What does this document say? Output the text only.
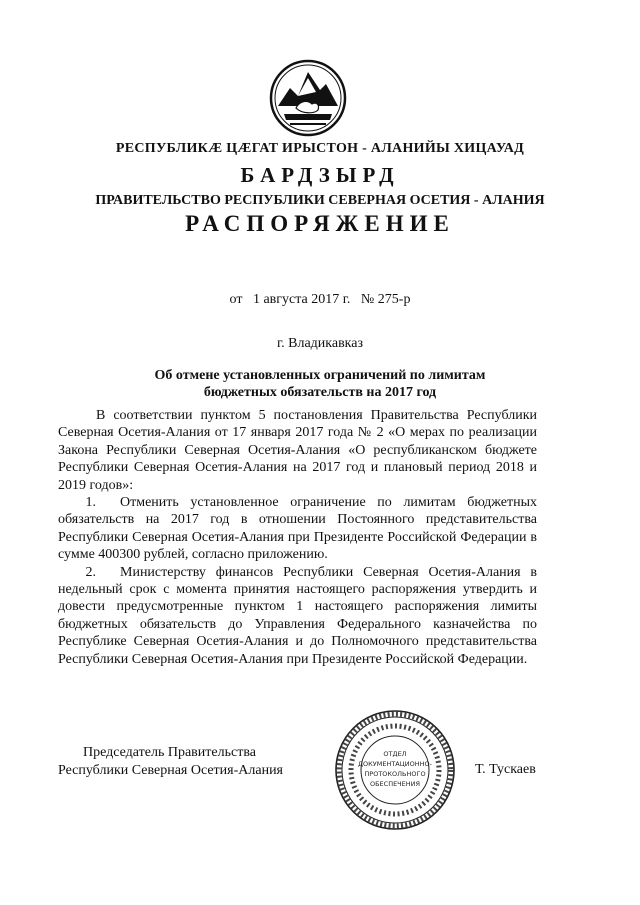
РЕСПУБЛИКӔ ЦӔГАТ ИРЫСТОН - АЛАНИЙЫ ХИЦАУАД
БАРДЗЫРД
ПРАВИТЕЛЬСТВО РЕСПУБЛИКИ СЕВЕРНАЯ ОСЕТИЯ - АЛАНИЯ
РАСПОРЯЖЕНИЕ
от 1 августа 2017 г. № 275-р
г. Владикавказ
Об отмене установленных ограничений по лимитам
бюджетных обязательств на 2017 год

В соответствии пунктом 5 постановления Правительства Республики Северная Осетия-Алания от 17 января 2017 года № 2 «О мерах по реализации Закона Республики Северная Осетия-Алания «О республиканском бюджете Республики Северная Осетия-Алания на 2017 год и плановый период 2018 и 2019 годов»:

1. Отменить установленное ограничение по лимитам бюджетных обязательств на 2017 год в отношении Постоянного представительства Республики Северная Осетия-Алания при Президенте Российской Федерации в сумме 400300 рублей, согласно приложению.

2. Министерству финансов Республики Северная Осетия-Алания в недельный срок с момента принятия настоящего распоряжения утвердить и довести предусмотренные пунктом 1 настоящего распоряжения лимиты бюджетных обязательств до Управления Федерального казначейства по Республике Северная Осетия-Алания и до Полномочного представительства Республики Северная Осетия-Алания при Президенте Российской Федерации.

Председатель Правительства
Республики Северная Осетия-Алания
ОТДЕЛ
ДОКУМЕНТАЦИОННО-
ПРОТОКОЛЬНОГО
ОБЕСПЕЧЕНИЯ
Т. Тускаев
